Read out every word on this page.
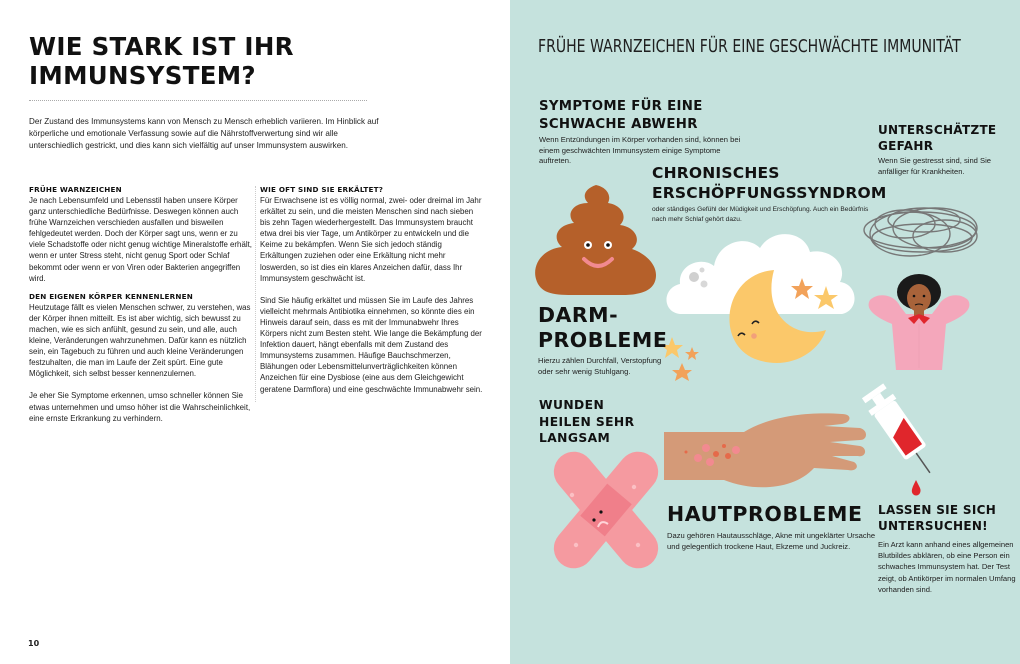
WIE STARK IST IHR
IMMUNSYSTEM?

Der Zustand des Immunsystems kann von Mensch zu Mensch erheblich variieren. Im Hinblick auf körperliche und emotionale Verfassung sowie auf die Nährstoffverwertung sind wir alle unterschiedlich gestrickt, und dies kann sich vielfältig auf unser Immunsystem auswirken.

FRÜHE WARNZEICHEN

Je nach Lebensumfeld und Lebensstil haben unsere Körper ganz unterschiedliche Bedürfnisse. Deswegen können auch frühe Warnzeichen verschieden ausfallen und bisweilen fehlgedeutet werden. Doch der Körper sagt uns, wenn er zu viele Schadstoffe oder nicht genug wichtige Mineralstoffe erhält, wenn er unter Stress steht, nicht genug Sport oder Schlaf bekommt oder wenn er von Viren oder Bakterien angegriffen wird.

DEN EIGENEN KÖRPER KENNENLERNEN

Heutzutage fällt es vielen Menschen schwer, zu verstehen, was der Körper ihnen mitteilt. Es ist aber wichtig, sich bewusst zu machen, wie es sich anfühlt, gesund zu sein, und alle, auch kleine, Veränderungen wahrzunehmen. Dafür kann es nützlich sein, ein Tagebuch zu führen und auch kleine Veränderungen festzuhalten, die man im Laufe der Zeit spürt. Eine gute Möglichkeit, sich selbst besser kennenzulernen.

Je eher Sie Symptome erkennen, umso schneller können Sie etwas unternehmen und umso höher ist die Wahrscheinlichkeit, eine ernste Erkrankung zu verhindern.

WIE OFT SIND SIE ERKÄLTET?

Für Erwachsene ist es völlig normal, zwei- oder dreimal im Jahr erkältet zu sein, und die meisten Menschen sind nach sieben bis zehn Tagen wiederhergestellt. Das Immunsystem braucht etwa drei bis vier Tage, um Antikörper zu entwickeln und die Keime zu bekämpfen. Wenn Sie sich jedoch ständig Erkältungen zuziehen oder eine Erkältung nicht mehr loswerden, so ist dies ein klares Anzeichen dafür, dass Ihr Immunsystem geschwächt ist.

Sind Sie häufig erkältet und müssen Sie im Laufe des Jahres vielleicht mehrmals Antibiotika einnehmen, so könnte dies ein Hinweis darauf sein, dass es mit der Immunabwehr Ihres Körpers nicht zum Besten steht. Wie lange die Bekämpfung der Infektion dauert, hängt ebenfalls mit dem Zustand des Immunsystems zusammen. Häufige Bauchschmerzen, Blähungen oder Lebensmittelunverträglichkeiten können Anzeichen für eine Dysbiose (eine aus dem Gleichgewicht geratene Darmflora) und eine geschwächte Immunabwehr sein.

10
FRÜHE WARNZEICHEN FÜR EINE GESCHWÄCHTE IMMUNITÄT
SYMPTOME FÜR EINE
SCHWACHE ABWEHR

Wenn Entzündungen im Körper vorhanden sind, können bei einem geschwächten Immunsystem einige Symptome auftreten.

UNTERSCHÄTZTE
GEFAHR

Wenn Sie gestresst sind, sind Sie anfälliger für Krankheiten.

CHRONISCHES
ERSCHÖPFUNGSSYNDROM

oder ständiges Gefühl der Müdigkeit und Erschöpfung. Auch ein Bedürfnis nach mehr Schlaf gehört dazu.

DARM-
PROBLEME

Hierzu zählen Durchfall, Verstopfung oder sehr wenig Stuhlgang.

WUNDEN
HEILEN SEHR
LANGSAM
HAUTPROBLEME

Dazu gehören Hautausschläge, Akne mit ungeklärter Ursache und gelegentlich trockene Haut, Ekzeme und Juckreiz.

LASSEN SIE SICH
UNTERSUCHEN!

Ein Arzt kann anhand eines allgemeinen Blutbildes abklären, ob eine Person ein schwaches Immunsystem hat. Der Test zeigt, ob Antikörper im normalen Umfang vorhanden sind.
